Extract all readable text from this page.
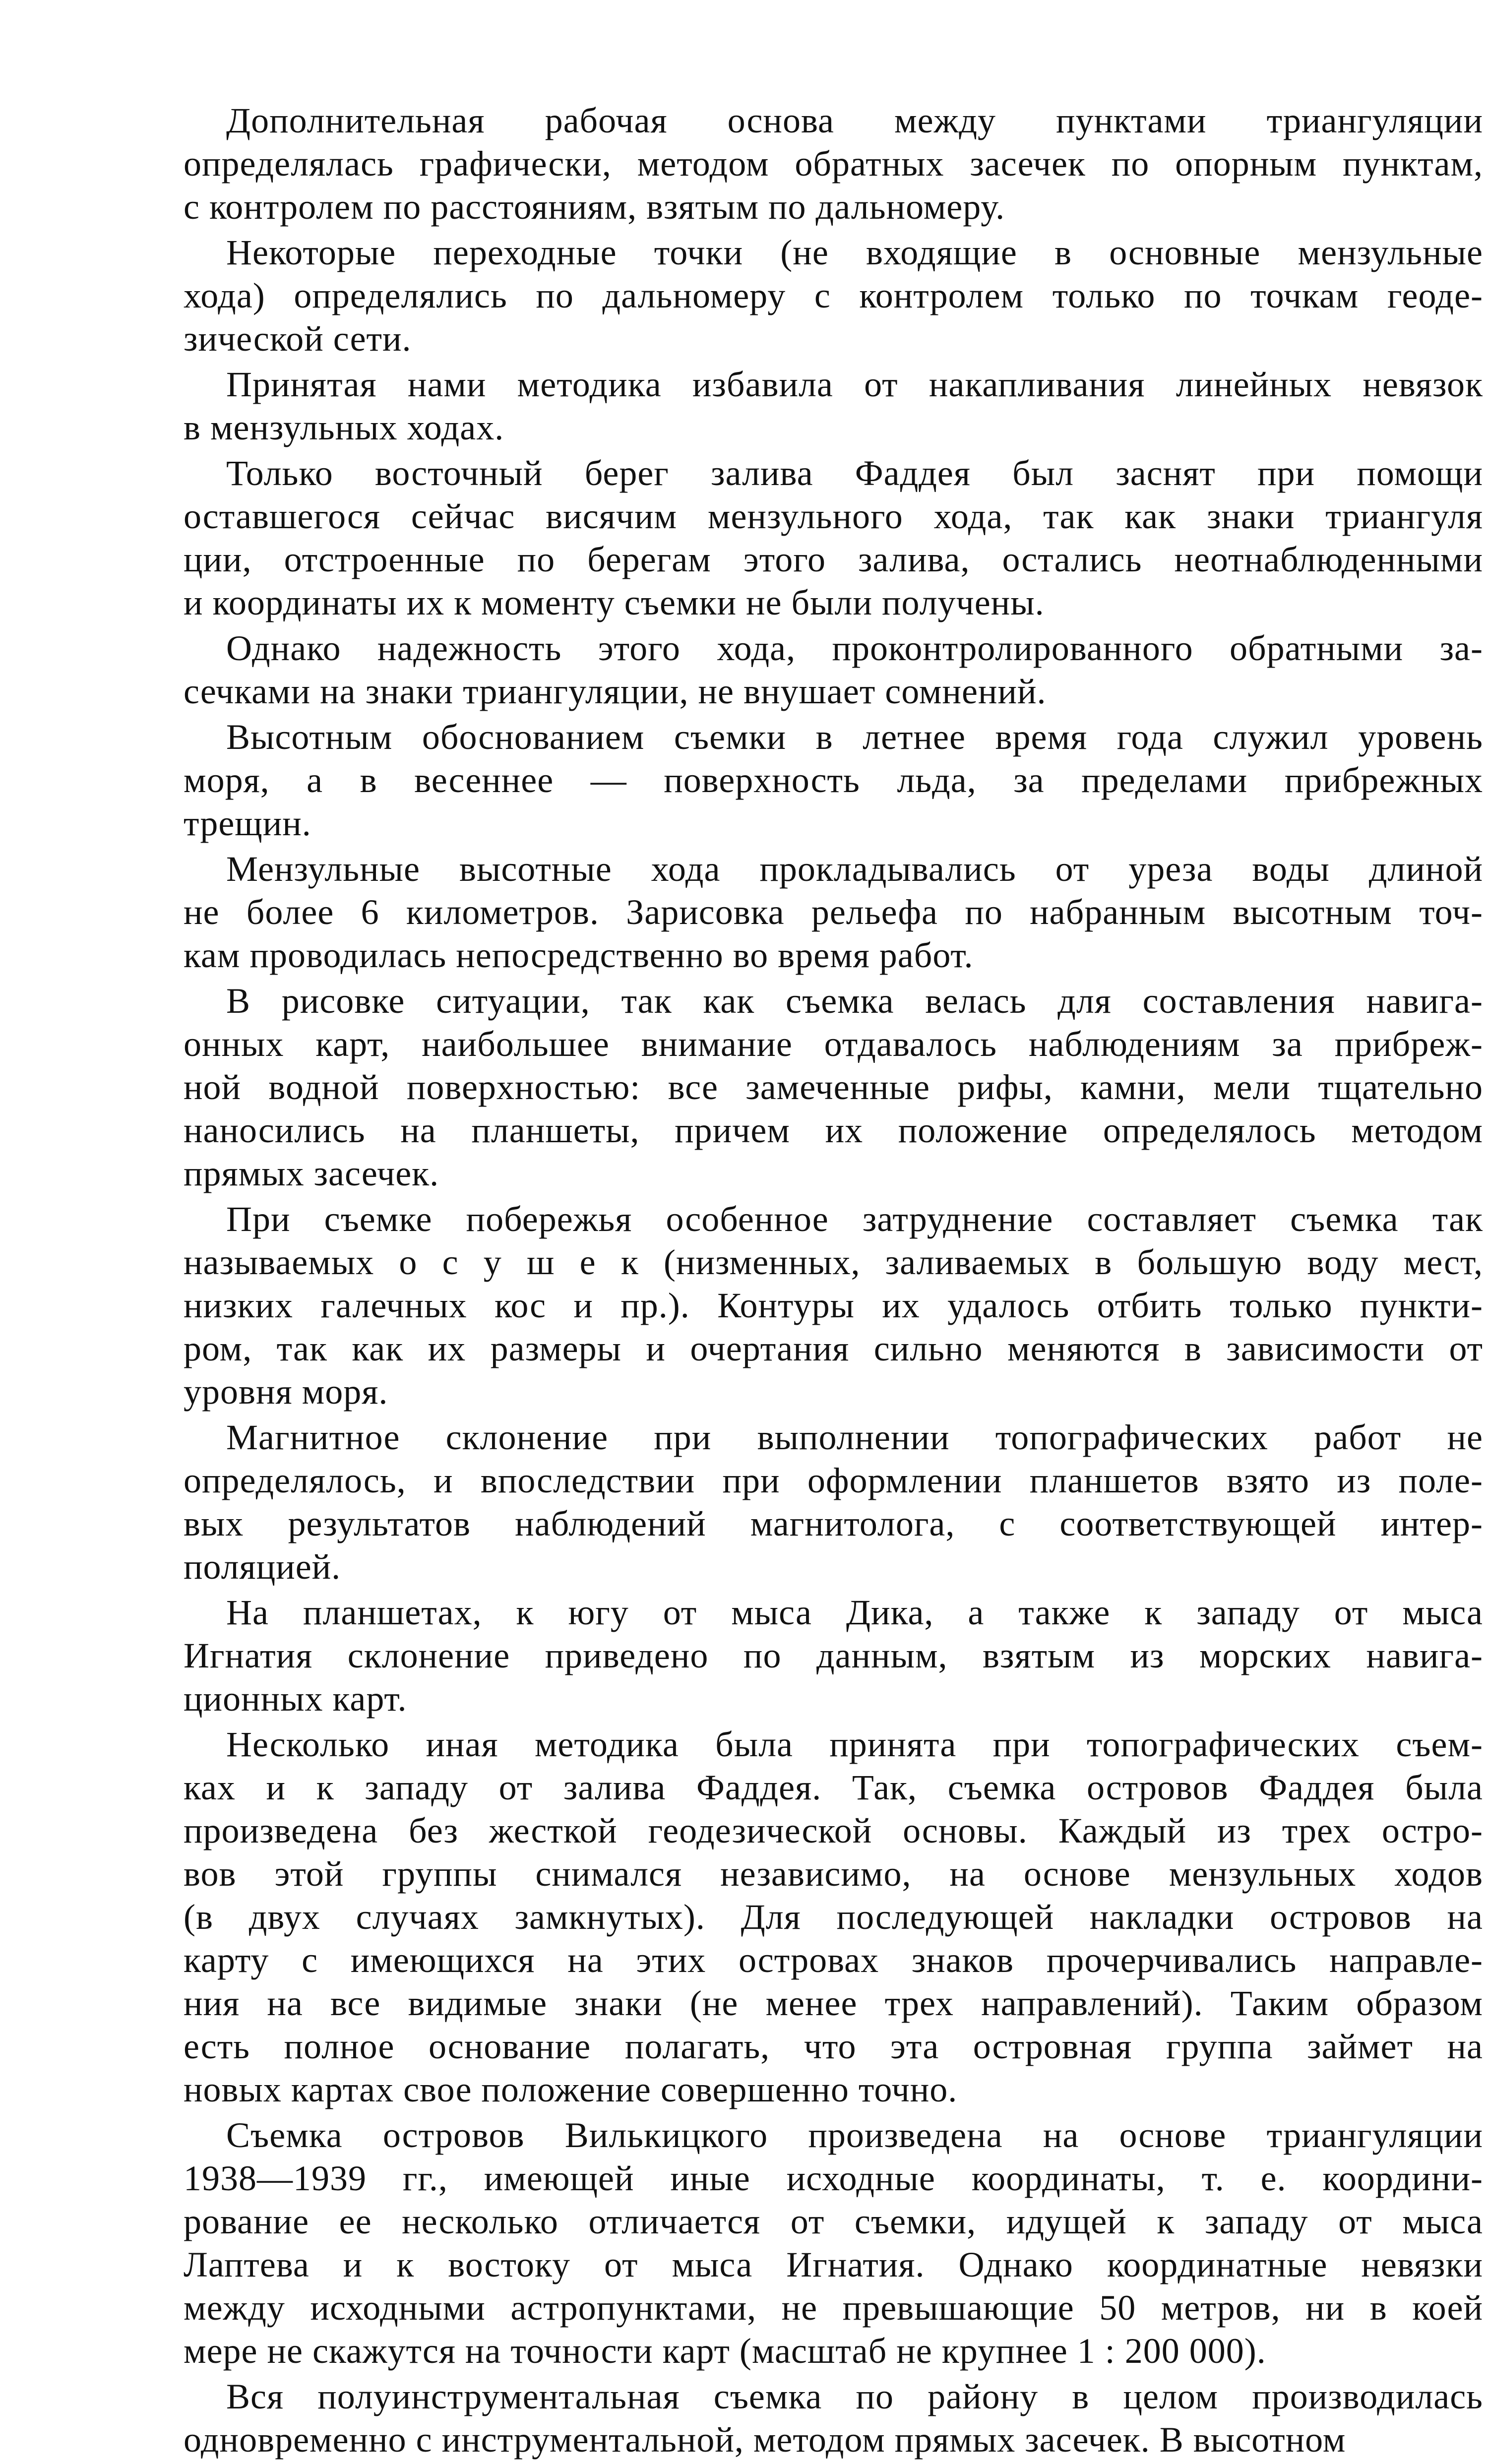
Дополнительная рабочая основа между пунктами триангуляции
определялась графически, методом обратных засечек по опорным пунктам,
с контролем по расстояниям, взятым по дальномеру.
Некоторые переходные точки (не входящие в основные мензульные
хода) определялись по дальномеру с контролем только по точкам геоде-
зической сети.
Принятая нами методика избавила от накапливания линейных невязок
в мензульных ходах.
Только восточный берег залива Фаддея был заснят при помощи
оставшегося сейчас висячим мензульного хода, так как знаки триангуля
ции, отстроенные по берегам этого залива, остались неотнаблюденными
и координаты их к моменту съемки не были получены.
Однако надежность этого хода, проконтролированного обратными за-
сечками на знаки триангуляции, не внушает сомнений.
Высотным обоснованием съемки в летнее время года служил уровень
моря, а в весеннее — поверхность льда, за пределами прибрежных
трещин.
Мензульные высотные хода прокладывались от уреза воды длиной
не более 6 километров. Зарисовка рельефа по набранным высотным точ-
кам проводилась непосредственно во время работ.
В рисовке ситуации, так как съемка велась для составления навига-
онных карт, наибольшее внимание отдавалось наблюдениям за прибреж-
ной водной поверхностью: все замеченные рифы, камни, мели тщательно
наносились на планшеты, причем их положение определялось методом
прямых засечек.
При съемке побережья особенное затруднение составляет съемка так
называемых о с у ш е к (низменных, заливаемых в большую воду мест,
низких галечных кос и пр.). Контуры их удалось отбить только пункти-
ром, так как их размеры и очертания сильно меняются в зависимости от
уровня моря.
Магнитное склонение при выполнении топографических работ не
определялось, и впоследствии при оформлении планшетов взято из поле-
вых результатов наблюдений магнитолога, с соответствующей интер-
поляцией.
На планшетах, к югу от мыса Дика, а также к западу от мыса
Игнатия склонение приведено по данным, взятым из морских навига-
ционных карт.
Несколько иная методика была принята при топографических съем-
ках и к западу от залива Фаддея. Так, съемка островов Фаддея была
произведена без жесткой геодезической основы. Каждый из трех остро-
вов этой группы снимался независимо, на основе мензульных ходов
(в двух случаях замкнутых). Для последующей накладки островов на
карту с имеющихся на этих островах знаков прочерчивались направле-
ния на все видимые знаки (не менее трех направлений). Таким образом
есть полное основание полагать, что эта островная группа займет на
новых картах свое положение совершенно точно.
Съемка островов Вилькицкого произведена на основе триангуляции
1938—1939 гг., имеющей иные исходные координаты, т. е. координи-
рование ее несколько отличается от съемки, идущей к западу от мыса
Лаптева и к востоку от мыса Игнатия. Однако координатные невязки
между исходными астропунктами, не превышающие 50 метров, ни в коей
мере не скажутся на точности карт (масштаб не крупнее 1 : 200 000).
Вся полуинструментальная съемка по району в целом производилась
одновременно с инструментальной, методом прямых засечек. В высотном
